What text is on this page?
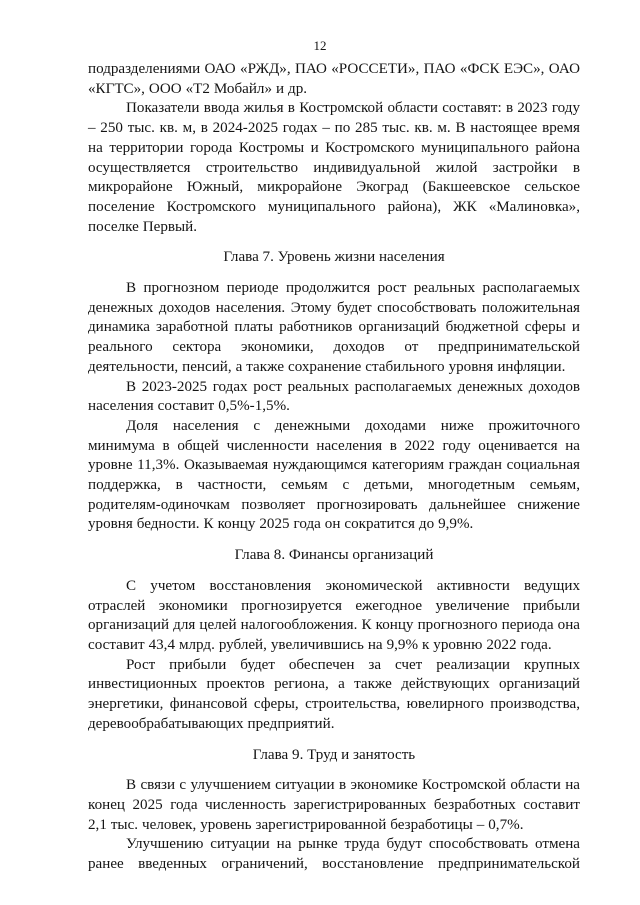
12

подразделениями ОАО «РЖД», ПАО «РОССЕТИ», ПАО «ФСК ЕЭС», ОАО «КГТС», ООО «Т2 Мобайл» и др.

Показатели ввода жилья в Костромской области составят: в 2023 году – 250 тыс. кв. м, в 2024-2025 годах – по 285 тыс. кв. м. В настоящее время на территории города Костромы и Костромского муниципального района осуществляется строительство индивидуальной жилой застройки в микрорайоне Южный, микрорайоне Экоград (Бакшеевское сельское поселение Костромского муниципального района), ЖК «Малиновка», поселке Первый.

Глава 7. Уровень жизни населения

В прогнозном периоде продолжится рост реальных располагаемых денежных доходов населения. Этому будет способствовать положительная динамика заработной платы работников организаций бюджетной сферы и реального сектора экономики, доходов от предпринимательской деятельности, пенсий, а также сохранение стабильного уровня инфляции.

В 2023-2025 годах рост реальных располагаемых денежных доходов населения составит 0,5%-1,5%.

Доля населения с денежными доходами ниже прожиточного минимума в общей численности населения в 2022 году оценивается на уровне 11,3%. Оказываемая нуждающимся категориям граждан социальная поддержка, в частности, семьям с детьми, многодетным семьям, родителям-одиночкам позволяет прогнозировать дальнейшее снижение уровня бедности. К концу 2025 года он сократится до 9,9%.

Глава 8. Финансы организаций

С учетом восстановления экономической активности ведущих отраслей экономики прогнозируется ежегодное увеличение прибыли организаций для целей налогообложения. К концу прогнозного периода она составит 43,4 млрд. рублей, увеличившись на 9,9% к уровню 2022 года.

Рост прибыли будет обеспечен за счет реализации крупных инвестиционных проектов региона, а также действующих организаций энергетики, финансовой сферы, строительства, ювелирного производства, деревообрабатывающих предприятий.

Глава 9. Труд и занятость

В связи с улучшением ситуации в экономике Костромской области на конец 2025 года численность зарегистрированных безработных составит 2,1 тыс. человек, уровень зарегистрированной безработицы – 0,7%.

Улучшению ситуации на рынке труда будут способствовать отмена ранее введенных ограничений, восстановление предпринимательской
